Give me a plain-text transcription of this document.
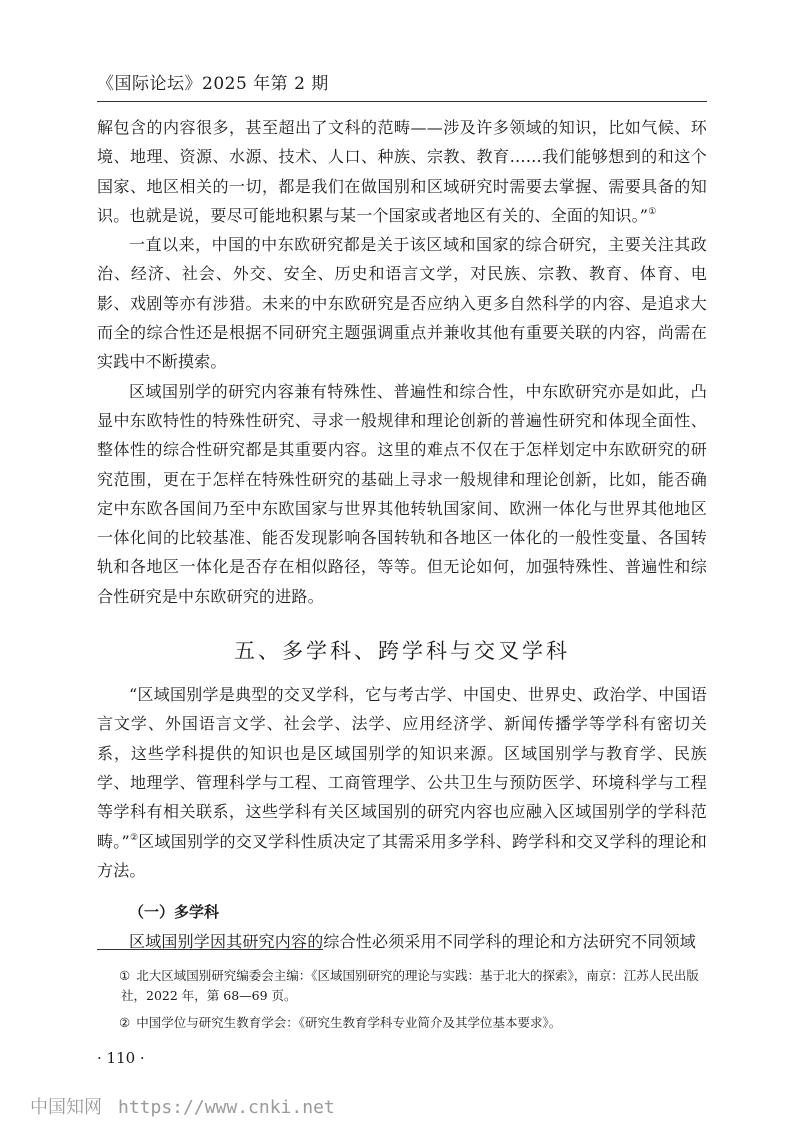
《国际论坛》2025 年第 2 期

解包含的内容很多，甚至超出了文科的范畴——涉及许多领域的知识，比如气候、环境、地理、资源、水源、技术、人口、种族、宗教、教育……我们能够想到的和这个国家、地区相关的一切，都是我们在做国别和区域研究时需要去掌握、需要具备的知识。也就是说，要尽可能地积累与某一个国家或者地区有关的、全面的知识。”①

一直以来，中国的中东欧研究都是关于该区域和国家的综合研究，主要关注其政治、经济、社会、外交、安全、历史和语言文学，对民族、宗教、教育、体育、电影、戏剧等亦有涉猎。未来的中东欧研究是否应纳入更多自然科学的内容、是追求大而全的综合性还是根据不同研究主题强调重点并兼收其他有重要关联的内容，尚需在实践中不断摸索。

区域国别学的研究内容兼有特殊性、普遍性和综合性，中东欧研究亦是如此，凸显中东欧特性的特殊性研究、寻求一般规律和理论创新的普遍性研究和体现全面性、整体性的综合性研究都是其重要内容。这里的难点不仅在于怎样划定中东欧研究的研究范围，更在于怎样在特殊性研究的基础上寻求一般规律和理论创新，比如，能否确定中东欧各国间乃至中东欧国家与世界其他转轨国家间、欧洲一体化与世界其他地区一体化间的比较基准、能否发现影响各国转轨和各地区一体化的一般性变量、各国转轨和各地区一体化是否存在相似路径，等等。但无论如何，加强特殊性、普遍性和综合性研究是中东欧研究的进路。

五、多学科、跨学科与交叉学科

“区域国别学是典型的交叉学科，它与考古学、中国史、世界史、政治学、中国语言文学、外国语言文学、社会学、法学、应用经济学、新闻传播学等学科有密切关系，这些学科提供的知识也是区域国别学的知识来源。区域国别学与教育学、民族学、地理学、管理科学与工程、工商管理学、公共卫生与预防医学、环境科学与工程等学科有相关联系，这些学科有关区域国别的研究内容也应融入区域国别学的学科范畴。”②区域国别学的交叉学科性质决定了其需采用多学科、跨学科和交叉学科的理论和方法。

（一）多学科

区域国别学因其研究内容的综合性必须采用不同学科的理论和方法研究不同领域

① 北大区域国别研究编委会主编：《区域国别研究的理论与实践：基于北大的探索》，南京：江苏人民出版社，2022 年，第 68—69 页。

② 中国学位与研究生教育学会：《研究生教育学科专业简介及其学位基本要求》。

· 110 ·
中国知网 https://www.cnki.net
